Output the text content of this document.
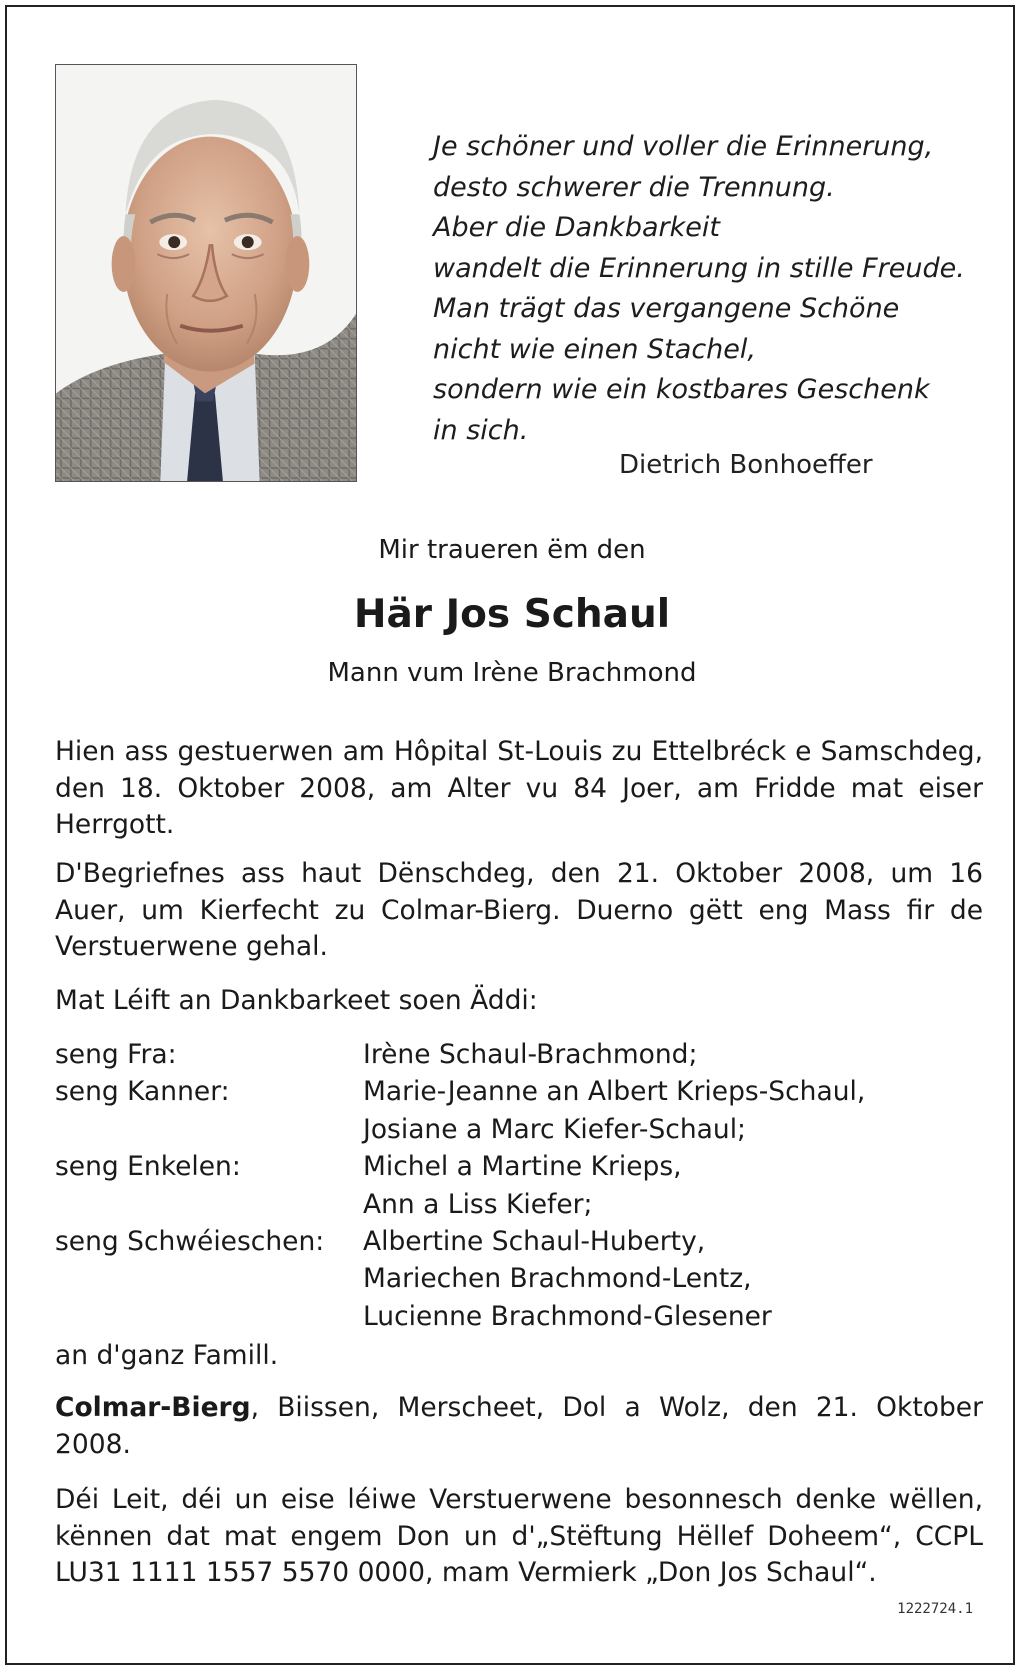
Je schöner und voller die Erinnerung,
desto schwerer die Trennung.
Aber die Dankbarkeit
wandelt die Erinnerung in stille Freude.
Man trägt das vergangene Schöne
nicht wie einen Stachel,
sondern wie ein kostbares Geschenk
in sich.
Dietrich Bonhoeffer
Mir traueren ëm den
Här Jos Schaul
Mann vum Irène Brachmond

Hien ass gestuerwen am Hôpital St-Louis zu Ettelbréck e Samschdeg, den 18. Oktober 2008, am Alter vu 84 Joer, am Fridde mat eiser Herrgott.

D'Begriefnes ass haut Dënschdeg, den 21. Oktober 2008, um 16 Auer, um Kierfecht zu Colmar-Bierg. Duerno gëtt eng Mass fir de Verstuerwene gehal.

Mat Léift an Dankbarkeet soen Äddi:

seng Fra:	Irène Schaul-Brachmond;
seng Kanner:	Marie-Jeanne an Albert Krieps-Schaul,
Josiane a Marc Kiefer-Schaul;
seng Enkelen:	Michel a Martine Krieps,
Ann a Liss Kiefer;
seng Schwéieschen:	Albertine Schaul-Huberty,
Mariechen Brachmond-Lentz,
Lucienne Brachmond-Glesener
an d'ganz Famill.

Colmar-Bierg, Biissen, Merscheet, Dol a Wolz, den 21. Oktober 2008.

Déi Leit, déi un eise léiwe Verstuerwene besonnesch denke wëllen, kënnen dat mat engem Don un d'„Stëftung Hëllef Doheem“, CCPL LU31 1111 1557 5570 0000, mam Vermierk „Don Jos Schaul“.

1222724.1
